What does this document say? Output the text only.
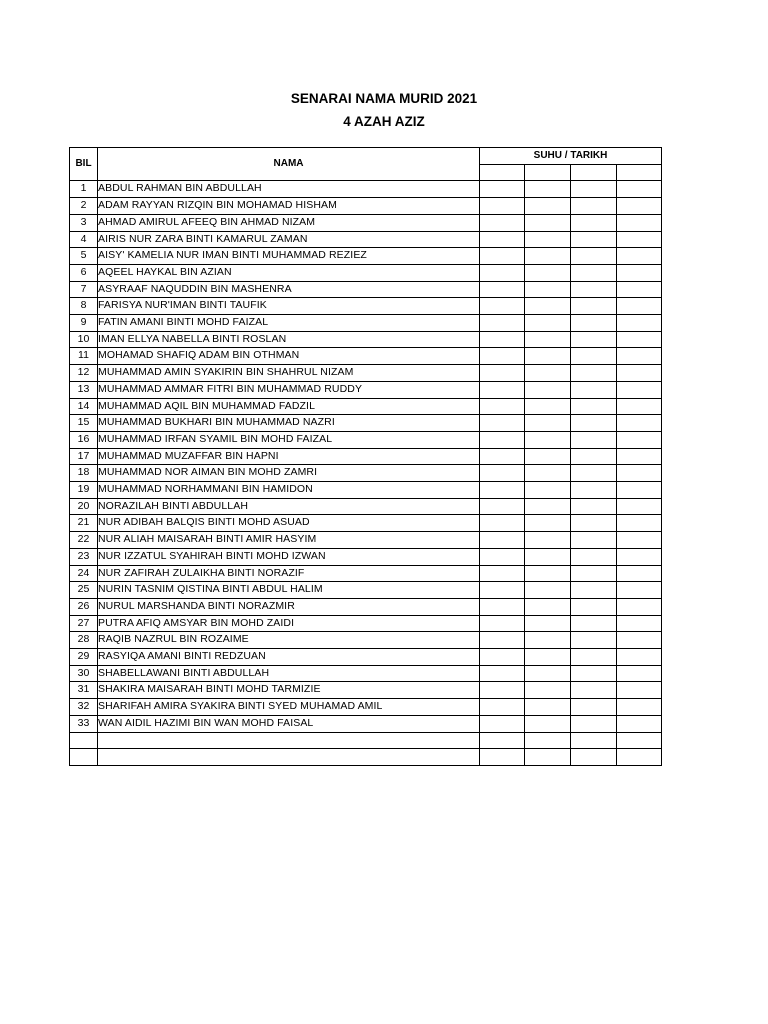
SENARAI NAMA MURID 2021
4 AZAH AZIZ
BIL	NAMA	SUHU / TARIKH			

1	ABDUL RAHMAN BIN ABDULLAH				
2	ADAM RAYYAN RIZQIN BIN MOHAMAD HISHAM				
3	AHMAD AMIRUL AFEEQ BIN AHMAD NIZAM				
4	AIRIS NUR ZARA BINTI KAMARUL ZAMAN				
5	AISY' KAMELIA NUR IMAN BINTI MUHAMMAD REZIEZ				
6	AQEEL HAYKAL BIN AZIAN				
7	ASYRAAF NAQUDDIN BIN MASHENRA				
8	FARISYA NUR'IMAN BINTI TAUFIK				
9	FATIN AMANI BINTI MOHD FAIZAL				
10	IMAN ELLYA NABELLA BINTI ROSLAN				
11	MOHAMAD SHAFIQ ADAM BIN OTHMAN				
12	MUHAMMAD AMIN SYAKIRIN BIN SHAHRUL NIZAM				
13	MUHAMMAD AMMAR FITRI BIN MUHAMMAD RUDDY				
14	MUHAMMAD AQIL BIN MUHAMMAD FADZIL				
15	MUHAMMAD BUKHARI BIN MUHAMMAD NAZRI				
16	MUHAMMAD IRFAN SYAMIL BIN MOHD FAIZAL				
17	MUHAMMAD MUZAFFAR BIN HAPNI				
18	MUHAMMAD NOR AIMAN BIN MOHD ZAMRI				
19	MUHAMMAD NORHAMMANI BIN HAMIDON				
20	NORAZILAH BINTI ABDULLAH				
21	NUR ADIBAH BALQIS BINTI MOHD ASUAD				
22	NUR ALIAH MAISARAH BINTI AMIR HASYIM				
23	NUR IZZATUL SYAHIRAH BINTI MOHD IZWAN				
24	NUR ZAFIRAH ZULAIKHA BINTI NORAZIF				
25	NURIN TASNIM QISTINA BINTI ABDUL HALIM				
26	NURUL MARSHANDA BINTI NORAZMIR				
27	PUTRA AFIQ AMSYAR BIN MOHD ZAIDI				
28	RAQIB NAZRUL BIN ROZAIME				
29	RASYIQA AMANI BINTI REDZUAN				
30	SHABELLAWANI BINTI ABDULLAH				
31	SHAKIRA MAISARAH BINTI MOHD TARMIZIE				
32	SHARIFAH AMIRA SYAKIRA BINTI SYED MUHAMAD AMIL				
33	WAN AIDIL HAZIMI BIN WAN MOHD FAISAL				
